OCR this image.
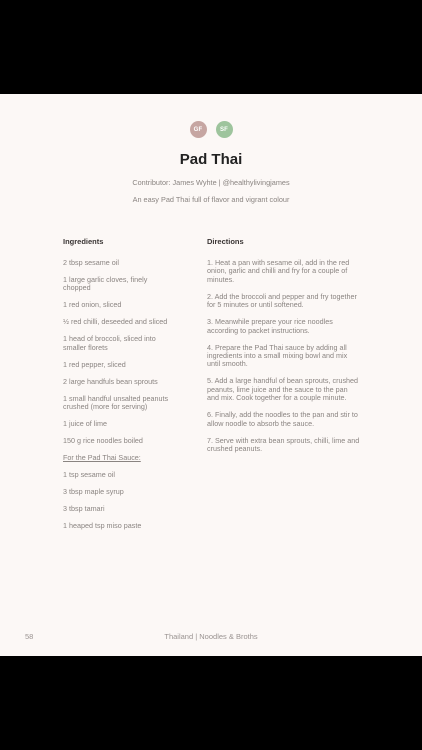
GF	SF
Pad Thai
Contributor: James Wyhte | @healthylivingjames
An easy Pad Thai full of flavor and vigrant colour
Ingredients	Directions

2 tbsp sesame oil

1 large garlic cloves, finely chopped

1 red onion, sliced

½ red chilli, deseeded and sliced

1 head of broccoli, sliced into smaller florets

1 red pepper, sliced

2 large handfuls bean sprouts

1 small handful unsalted peanuts crushed (more for serving)

1 juice of lime

150 g rice noodles boiled

For the Pad Thai Sauce:

1 tsp sesame oil

3 tbsp maple syrup

3 tbsp tamari

1 heaped tsp miso paste

1. Heat a pan with sesame oil, add in the red onion, garlic and chilli and fry for a couple of minutes.

2. Add the broccoli and pepper and fry together for 5 minutes or until softened.

3. Meanwhile prepare your rice noodles according to packet instructions.

4. Prepare the Pad Thai sauce by adding all ingredients into a small mixing bowl and mix until smooth.

5. Add a large handful of bean sprouts, crushed peanuts, lime juice and the sauce to the pan and mix. Cook together for a couple minute.

6. Finally, add the noodles to the pan and stir to allow noodle to absorb the sauce.

7. Serve with extra bean sprouts, chilli, lime and crushed peanuts.

58	Thailand | Noodles & Broths
